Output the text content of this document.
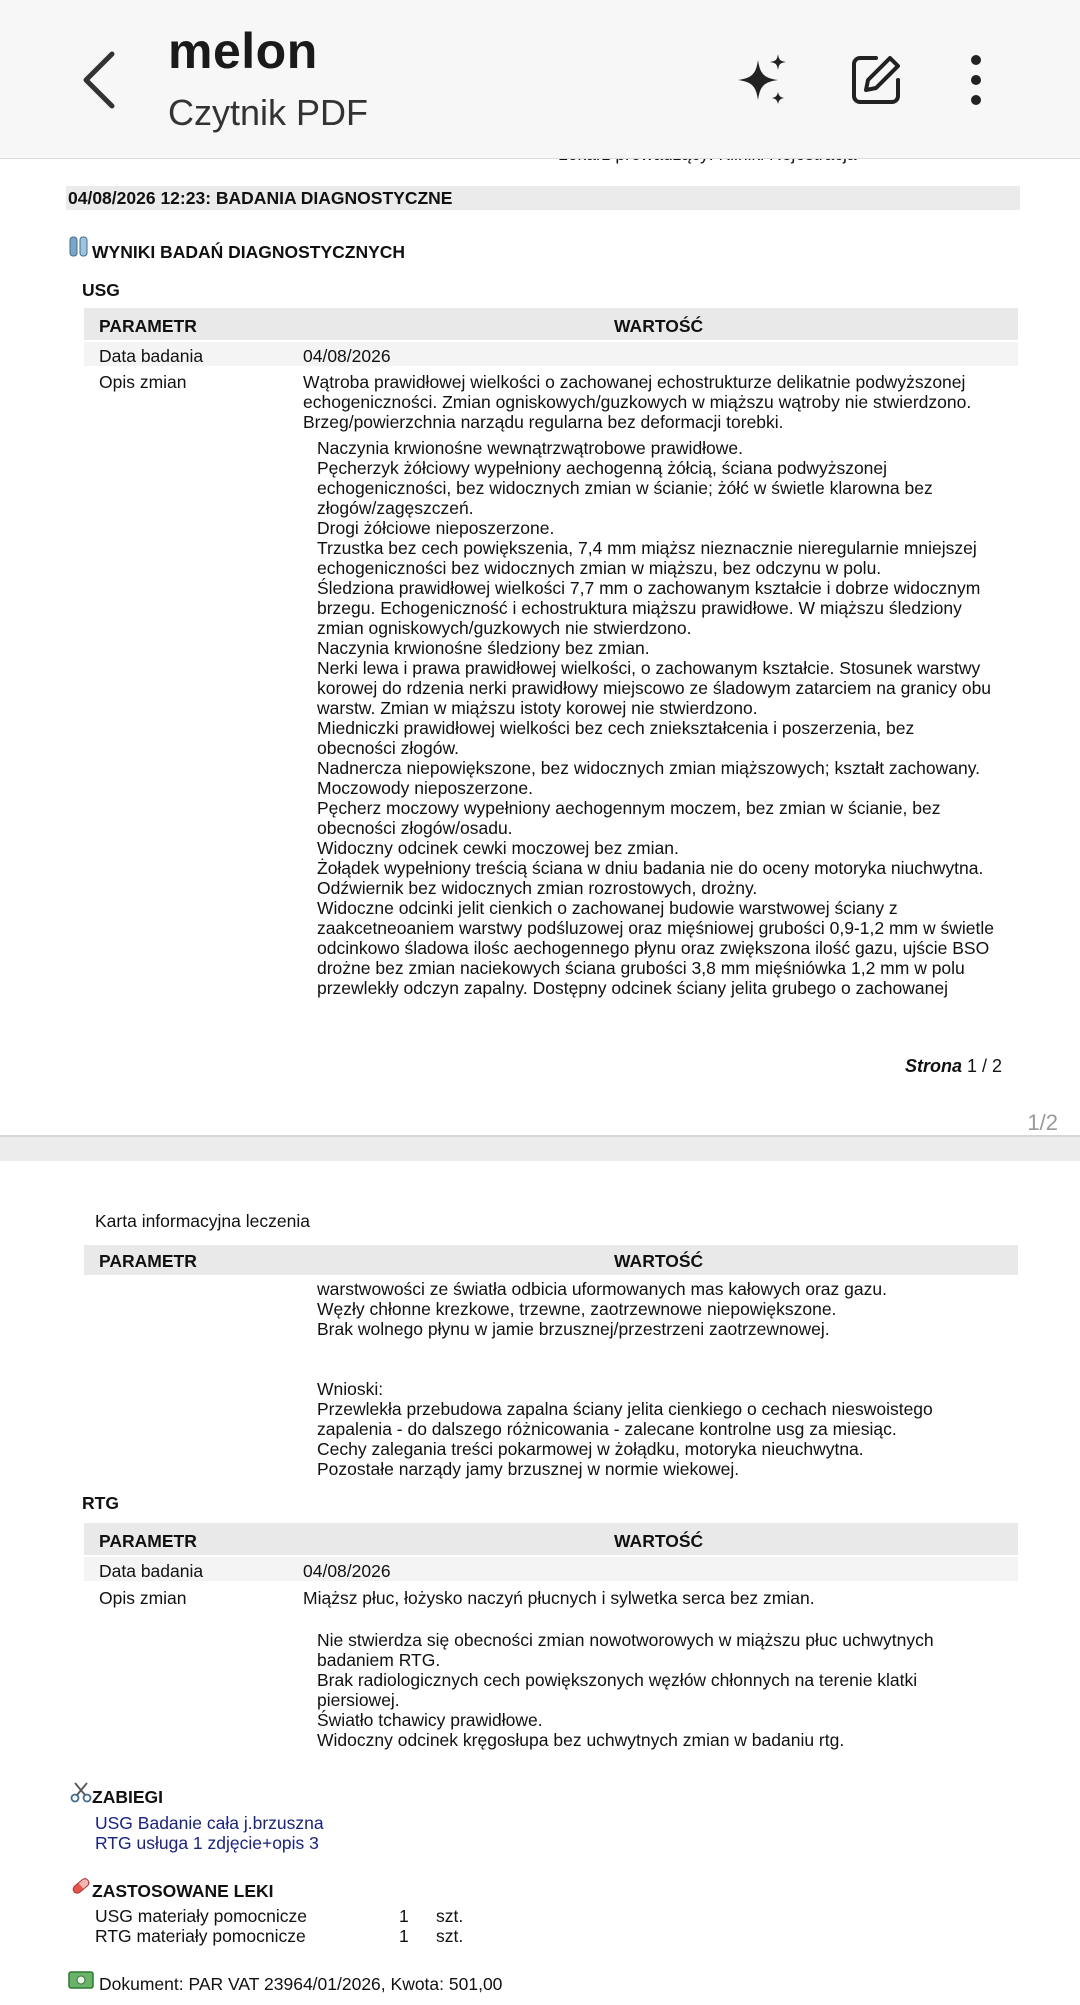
melon
Czytnik PDF
04/08/2026 12:23: BADANIA DIAGNOSTYCZNE
WYNIKI BADAŃ DIAGNOSTYCZNYCH
USG
PARAMETR	WARTOŚĆ
Data badania	04/08/2026
Opis zmian	Wątroba prawidłowej wielkości o zachowanej echostrukturze delikatnie podwyższonej
echogeniczności. Zmian ogniskowych/guzkowych w miąższu wątroby nie stwierdzono.
Brzeg/powierzchnia narządu regularna bez deformacji torebki.
Naczynia krwionośne wewnątrzwątrobowe prawidłowe.
Pęcherzyk żółciowy wypełniony aechogenną żółcią, ściana podwyższonej
echogeniczności, bez widocznych zmian w ścianie; żółć w świetle klarowna bez
złogów/zagęszczeń.
Drogi żółciowe nieposzerzone.
Trzustka bez cech powiększenia, 7,4 mm miąższ nieznacznie nieregularnie mniejszej
echogeniczności bez widocznych zmian w miąższu, bez odczynu w polu.
Śledziona prawidłowej wielkości 7,7 mm o zachowanym kształcie i dobrze widocznym
brzegu. Echogeniczność i echostruktura miąższu prawidłowe. W miąższu śledziony
zmian ogniskowych/guzkowych nie stwierdzono.
Naczynia krwionośne śledziony bez zmian.
Nerki lewa i prawa prawidłowej wielkości, o zachowanym kształcie. Stosunek warstwy
korowej do rdzenia nerki prawidłowy miejscowo ze śladowym zatarciem na granicy obu
warstw. Zmian w miąższu istoty korowej nie stwierdzono.
Miedniczki prawidłowej wielkości bez cech zniekształcenia i poszerzenia, bez
obecności złogów.
Nadnercza niepowiększone, bez widocznych zmian miąższowych; kształt zachowany.
Moczowody nieposzerzone.
Pęcherz moczowy wypełniony aechogennym moczem, bez zmian w ścianie, bez
obecności złogów/osadu.
Widoczny odcinek cewki moczowej bez zmian.
Żołądek wypełniony treścią ściana w dniu badania nie do oceny motoryka niuchwytna.
Odźwiernik bez widocznych zmian rozrostowych, drożny.
Widoczne odcinki jelit cienkich o zachowanej budowie warstwowej ściany z
zaakcetneoaniem warstwy podśluzowej oraz mięśniowej grubości 0,9-1,2 mm w świetle
odcinkowo śladowa ilośc aechogennego płynu oraz zwiększona ilość gazu, ujście BSO
drożne bez zmian naciekowych ściana grubości 3,8 mm mięśniówka 1,2 mm w polu
przewlekły odczyn zapalny. Dostępny odcinek ściany jelita grubego o zachowanej
Strona 1 / 2
1/2
Karta informacyjna leczenia
PARAMETR	WARTOŚĆ
warstwowości ze światła odbicia uformowanych mas kałowych oraz gazu.
Węzły chłonne krezkowe, trzewne, zaotrzewnowe niepowiększone.
Brak wolnego płynu w jamie brzusznej/przestrzeni zaotrzewnowej.
Wnioski:
Przewlekła przebudowa zapalna ściany jelita cienkiego o cechach nieswoistego
zapalenia - do dalszego różnicowania - zalecane kontrolne usg za miesiąc.
Cechy zalegania treści pokarmowej w żołądku, motoryka nieuchwytna.
Pozostałe narządy jamy brzusznej w normie wiekowej.
RTG
PARAMETR	WARTOŚĆ
Data badania	04/08/2026
Opis zmian	Miąższ płuc, łożysko naczyń płucnych i sylwetka serca bez zmian.
Nie stwierdza się obecności zmian nowotworowych w miąższu płuc uchwytnych
badaniem RTG.
Brak radiologicznych cech powiększonych węzłów chłonnych na terenie klatki
piersiowej.
Światło tchawicy prawidłowe.
Widoczny odcinek kręgosłupa bez uchwytnych zmian w badaniu rtg.
ZABIEGI
USG Badanie cała j.brzuszna
RTG usługa 1 zdjęcie+opis 3
ZASTOSOWANE LEKI
USG materiały pomocnicze	1 szt.
RTG materiały pomocnicze	1 szt.
Dokument: PAR VAT 23964/01/2026, Kwota: 501,00
